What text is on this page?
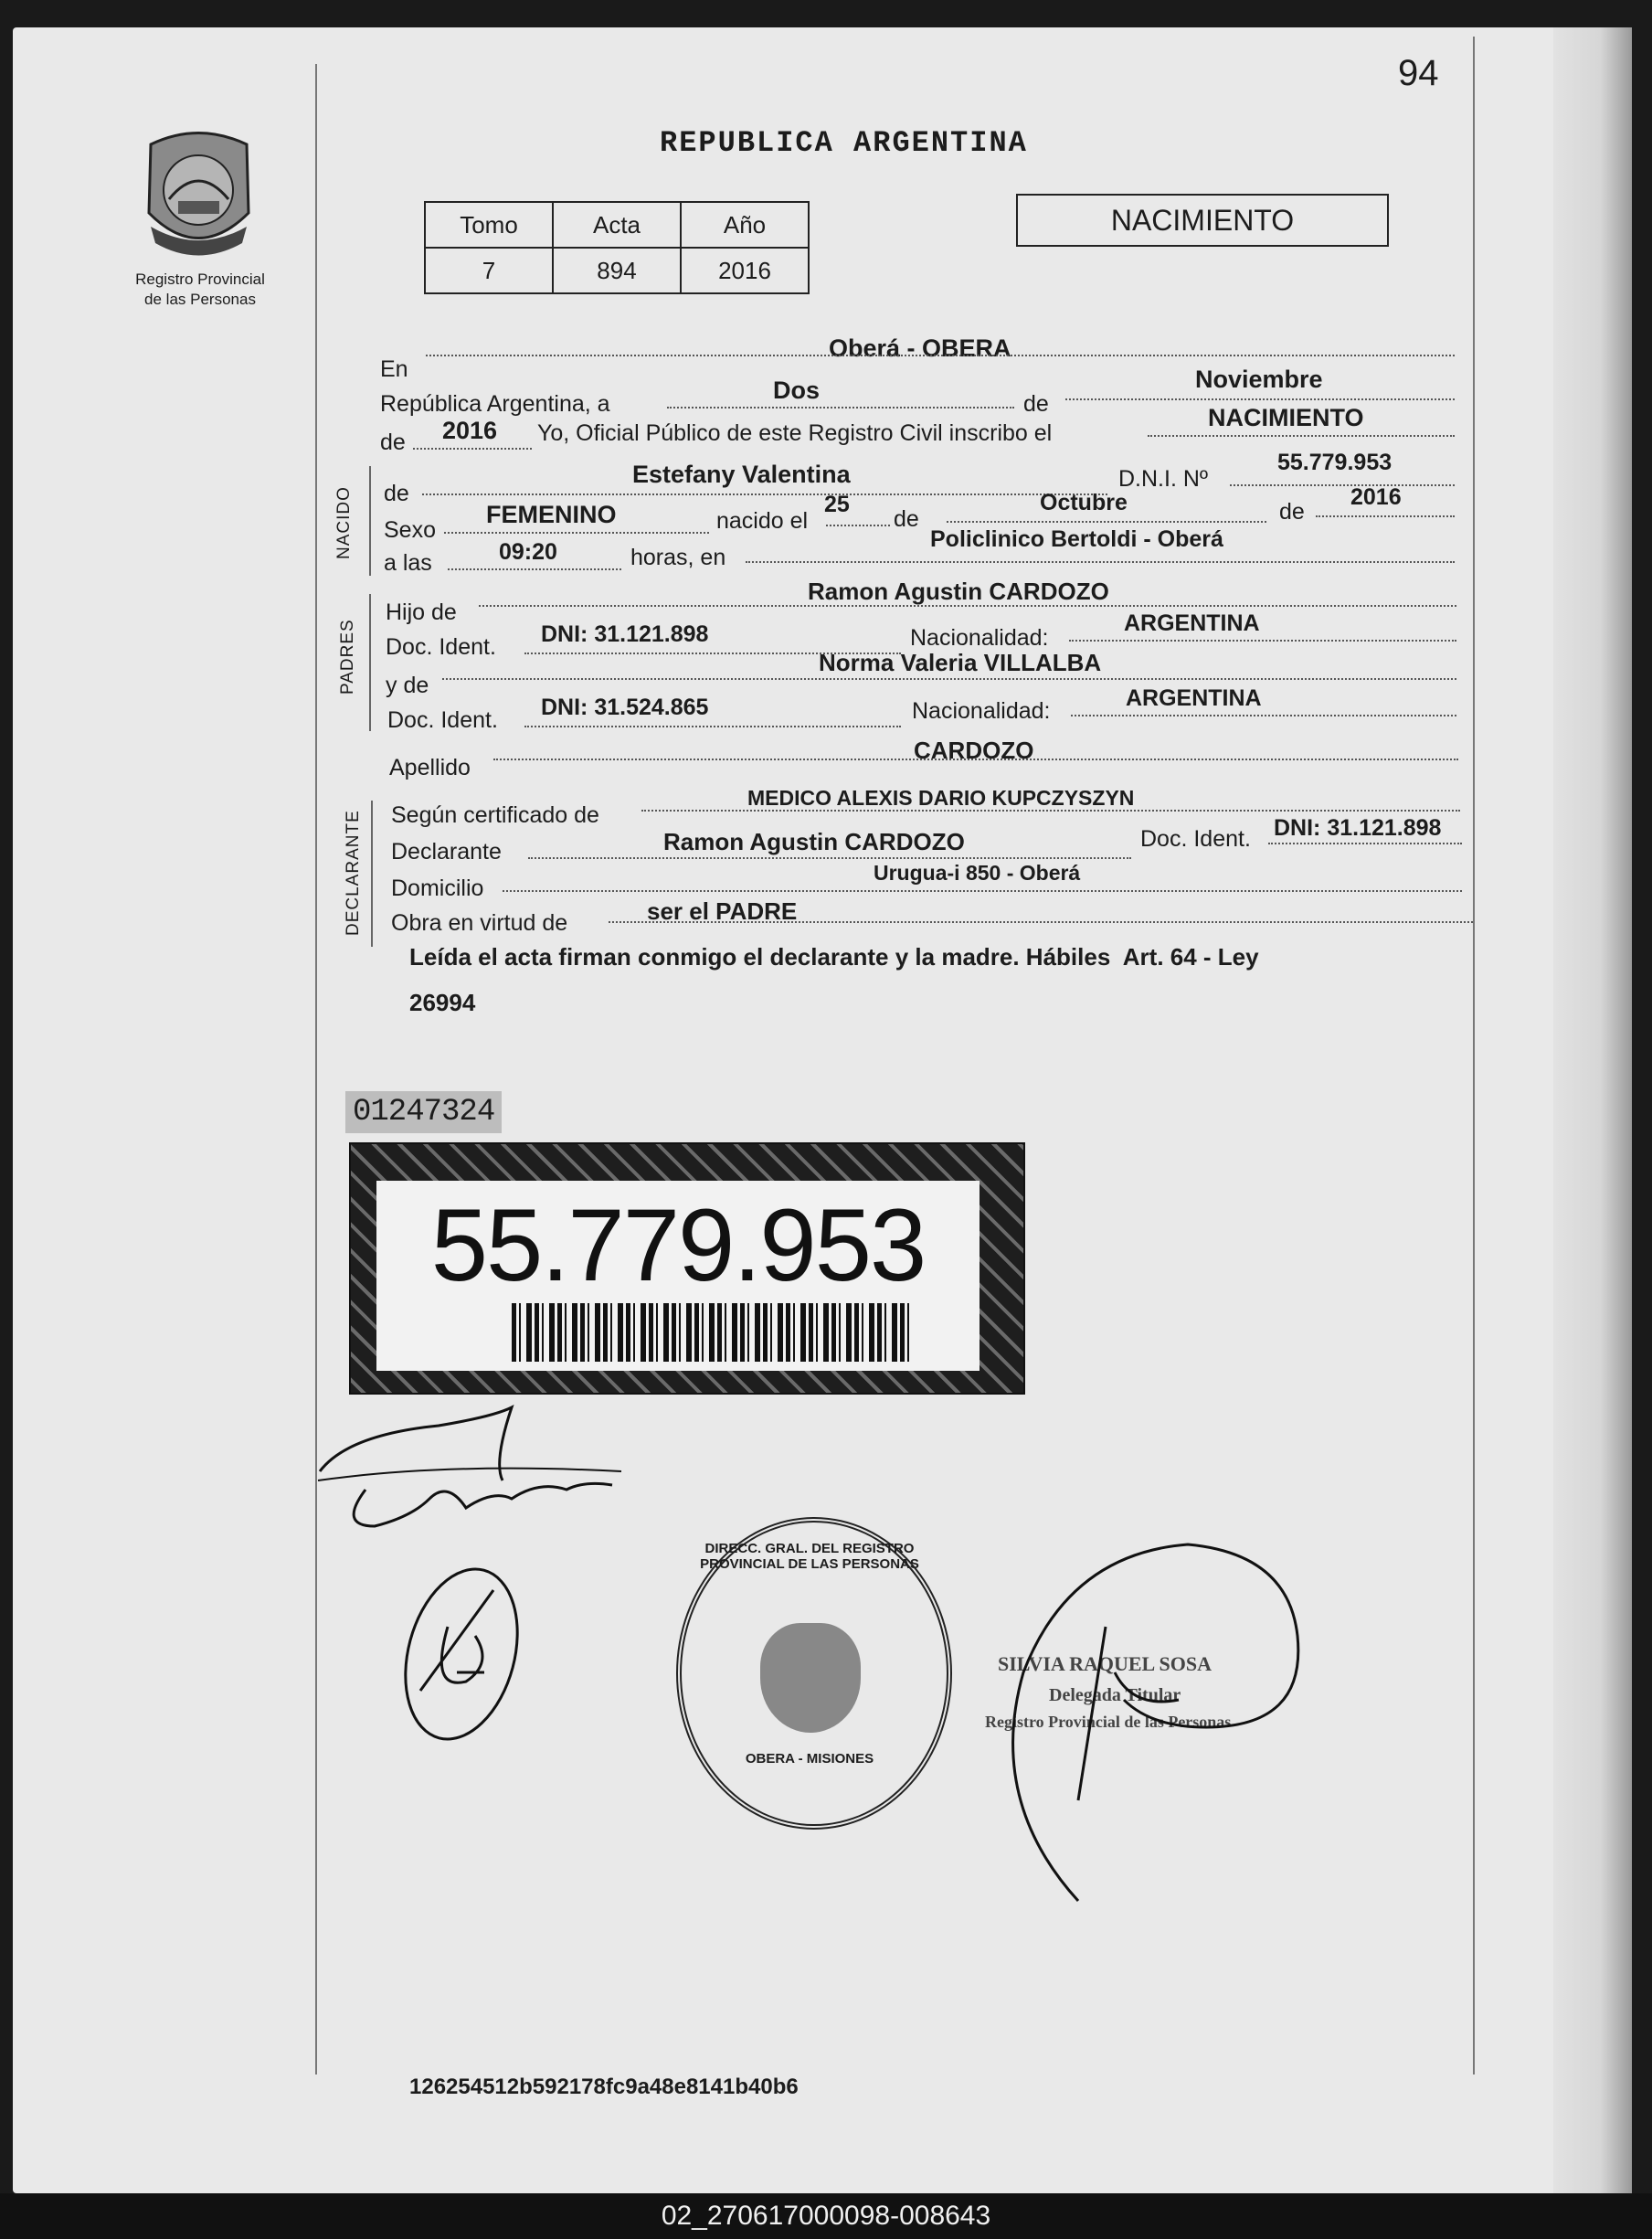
94
Registro Provincial
de las Personas
REPUBLICA ARGENTINA
Tomo	Acta	Año
7	894	2016
NACIMIENTO
Oberá - OBERA
En
República Argentina, a	Dos	de
Noviembre
de 2016 Yo, Oficial Público de este Registro Civil inscribo el
NACIMIENTO
NACIDO de
Estefany Valentina	D.N.I. Nº
55.779.953
Sexo
FEMENINO	nacido el
25
de
Octubre	de
2016
a las	09:20	horas, en
Policlinico Bertoldi - Oberá
PADRES
Hijo de
Ramon Agustin CARDOZO
Doc. Ident. DNI: 31.121.898	Nacionalidad:
ARGENTINA
y de
Norma Valeria VILLALBA
Doc. Ident. DNI: 31.524.865	Nacionalidad:	ARGENTINA
Apellido
CARDOZO
DECLARANTE Según certificado de
MEDICO ALEXIS DARIO KUPCZYSZYN
Declarante	Ramon Agustin CARDOZO	Doc. Ident. DNI: 31.121.898
Domicilio
Urugua-i 850 - Oberá
Obra en virtud de	ser el PADRE
Leída el acta firman conmigo el declarante y la madre. Hábiles  Art. 64 - Ley
26994
01247324
55.779.953
DIRECC. GRAL. DEL REGISTRO PROVINCIAL DE LAS PERSONAS
OBERA - MISIONES
SILVIA RAQUEL SOSA
Delegada Titular
Registro Provincial de las Personas
126254512b592178fc9a48e8141b40b6
02_270617000098-008643
